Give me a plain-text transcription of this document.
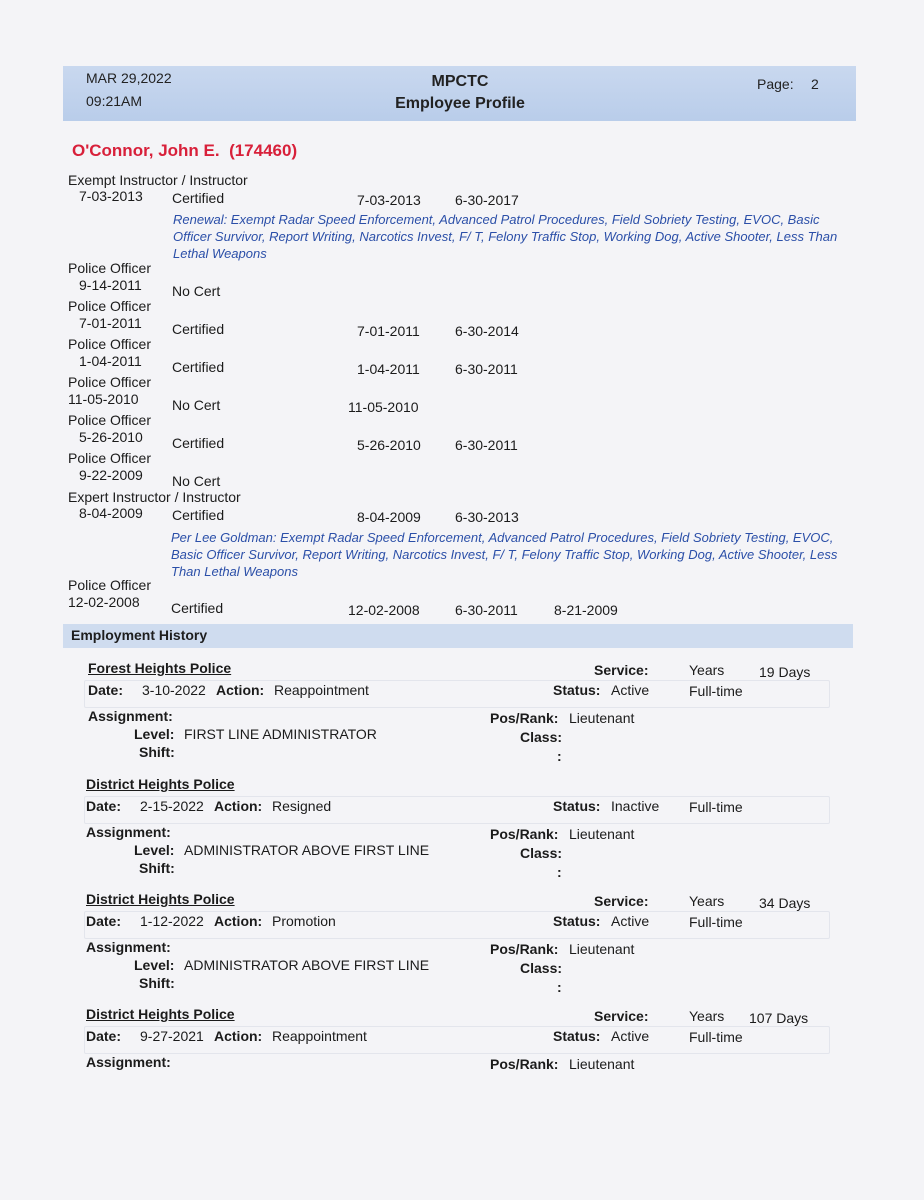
MAR 29,2022
09:21AM
MPCTC
Employee Profile
Page: 2
O'Connor, John E. (174460)
Exempt Instructor / Instructor
7-03-2013 Certified	7-03-2013 6-30-2017
Renewal: Exempt Radar Speed Enforcement, Advanced Patrol Procedures, Field Sobriety Testing, EVOC, Basic Officer Survivor, Report Writing, Narcotics Invest, F/ T, Felony Traffic Stop, Working Dog, Active Shooter, Less Than Lethal Weapons
Police Officer
9-14-2011 No Cert
Police Officer
7-01-2011 Certified	7-01-2011	6-30-2014
Police Officer
1-04-2011 Certified	1-04-2011	6-30-2011
Police Officer
11-05-2010 No Cert	11-05-2010
Police Officer
5-26-2010 Certified	5-26-2010 6-30-2011
Police Officer
9-22-2009 No Cert
Expert Instructor / Instructor
8-04-2009 Certified	8-04-2009 6-30-2013
Per Lee Goldman: Exempt Radar Speed Enforcement, Advanced Patrol Procedures, Field Sobriety Testing, EVOC, Basic Officer Survivor, Report Writing, Narcotics Invest, F/ T, Felony Traffic Stop, Working Dog, Active Shooter, Less Than Lethal Weapons
Police Officer
12-02-2008 Certified	12-02-2008	6-30-2011	8-21-2009
Employment History
Forest Heights Police
Date: 3-10-2022 Action: Reappointment
Service:	Years 19 Days
Status: Active	Full-time
Assignment:	Pos/Rank: Lieutenant
Level: FIRST LINE ADMINISTRATOR
Shift:
Class:
:
District Heights Police
Date: 2-15-2022 Action: Resigned	Status: Inactive Full-time
Assignment:	Pos/Rank: Lieutenant
Level: ADMINISTRATOR ABOVE FIRST LINE
Shift:
Class:
:
District Heights Police
Date: 1-12-2022 Action: Promotion
Service:	Years 34 Days
Status: Active	Full-time
Assignment:	Pos/Rank: Lieutenant
Level: ADMINISTRATOR ABOVE FIRST LINE
Shift:
Class:
:
District Heights Police
Date: 9-27-2021 Action: Reappointment
Service:	Years 107 Days
Status: Active	Full-time
Assignment:	Pos/Rank: Lieutenant
